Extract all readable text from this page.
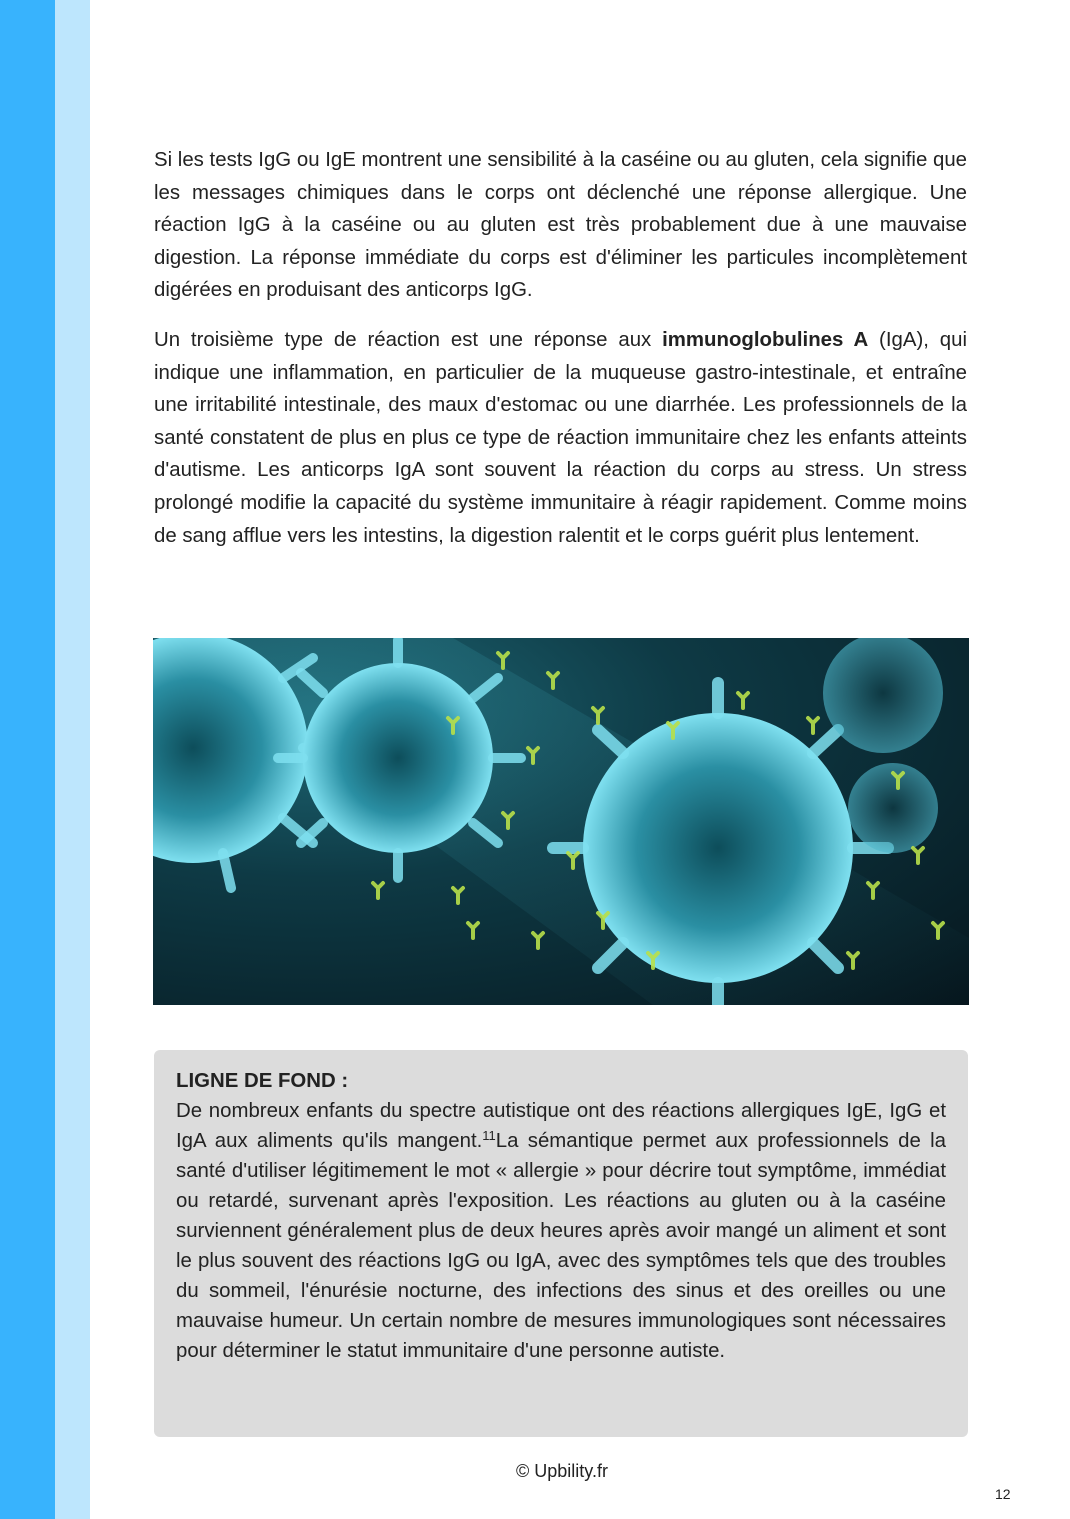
Si les tests IgG ou IgE montrent une sensibilité à la caséine ou au gluten, cela signifie que les messages chimiques dans le corps ont déclenché une réponse allergique. Une réaction IgG à la caséine ou au gluten est très probablement due à une mauvaise digestion. La réponse immédiate du corps est d'éliminer les particules incomplètement digérées en produisant des anticorps IgG.

Un troisième type de réaction est une réponse aux immunoglobulines A (IgA), qui indique une inflammation, en particulier de la muqueuse gastro-intestinale, et entraîne une irritabilité intestinale, des maux d'estomac ou une diarrhée. Les professionnels de la santé constatent de plus en plus ce type de réaction immunitaire chez les enfants atteints d'autisme. Les anticorps IgA sont souvent la réaction du corps au stress. Un stress prolongé modifie la capacité du système immunitaire à réagir rapidement. Comme moins de sang afflue vers les intestins, la digestion ralentit et le corps guérit plus lentement.

LIGNE DE FOND :
De nombreux enfants du spectre autistique ont des réactions allergiques IgE, IgG et IgA aux aliments qu'ils mangent.$^{11}$La sémantique permet aux professionnels de la santé d'utiliser légitimement le mot « allergie » pour décrire tout symptôme, immédiat ou retardé, survenant après l'exposition. Les réactions au gluten ou à la caséine surviennent généralement plus de deux heures après avoir mangé un aliment et sont le plus souvent des réactions IgG ou IgA, avec des symptômes tels que des troubles du sommeil, l'énurésie nocturne, des infections des sinus et des oreilles ou une mauvaise humeur. Un certain nombre de mesures immunologiques sont nécessaires pour déterminer le statut immunitaire d'une personne autiste.
© Upbility.fr
12
